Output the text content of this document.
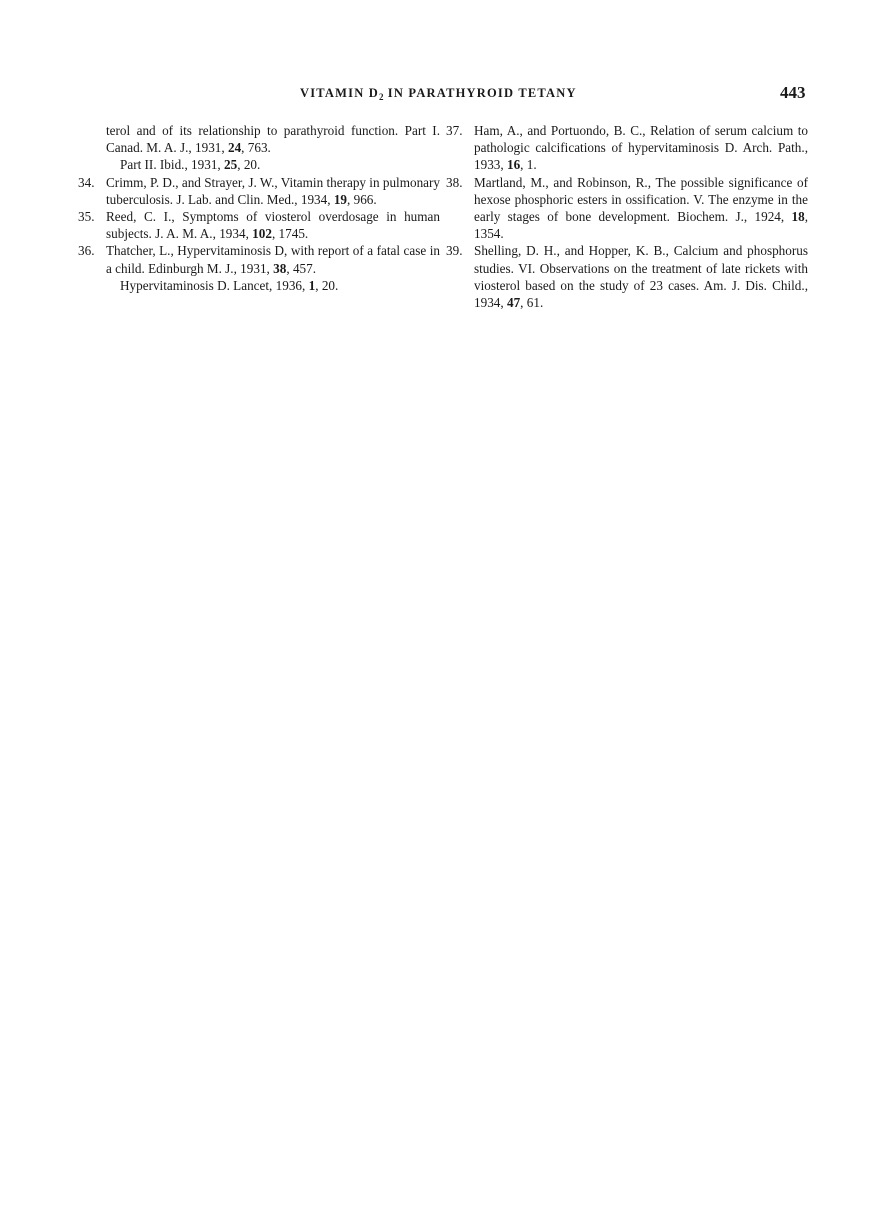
VITAMIN $D_2$ IN PARATHYROID TETANY	443

terol and of its relationship to parathyroid function. Part I. Canad. M. A. J., 1931, 24, 763.

Part II. Ibid., 1931, 25, 20.

34. Crimm, P. D., and Strayer, J. W., Vitamin therapy in pulmonary tuberculosis. J. Lab. and Clin. Med., 1934, 19, 966.

35. Reed, C. I., Symptoms of viosterol overdosage in human subjects. J. A. M. A., 1934, 102, 1745.

36. Thatcher, L., Hypervitaminosis D, with report of a fatal case in a child. Edinburgh M. J., 1931, 38, 457.

Hypervitaminosis D. Lancet, 1936, 1, 20.

37. Ham, A., and Portuondo, B. C., Relation of serum calcium to pathologic calcifications of hypervitaminosis D. Arch. Path., 1933, 16, 1.

38. Martland, M., and Robinson, R., The possible significance of hexose phosphoric esters in ossification. V. The enzyme in the early stages of bone development. Biochem. J., 1924, 18, 1354.

39. Shelling, D. H., and Hopper, K. B., Calcium and phosphorus studies. VI. Observations on the treatment of late rickets with viosterol based on the study of 23 cases. Am. J. Dis. Child., 1934, 47, 61.
